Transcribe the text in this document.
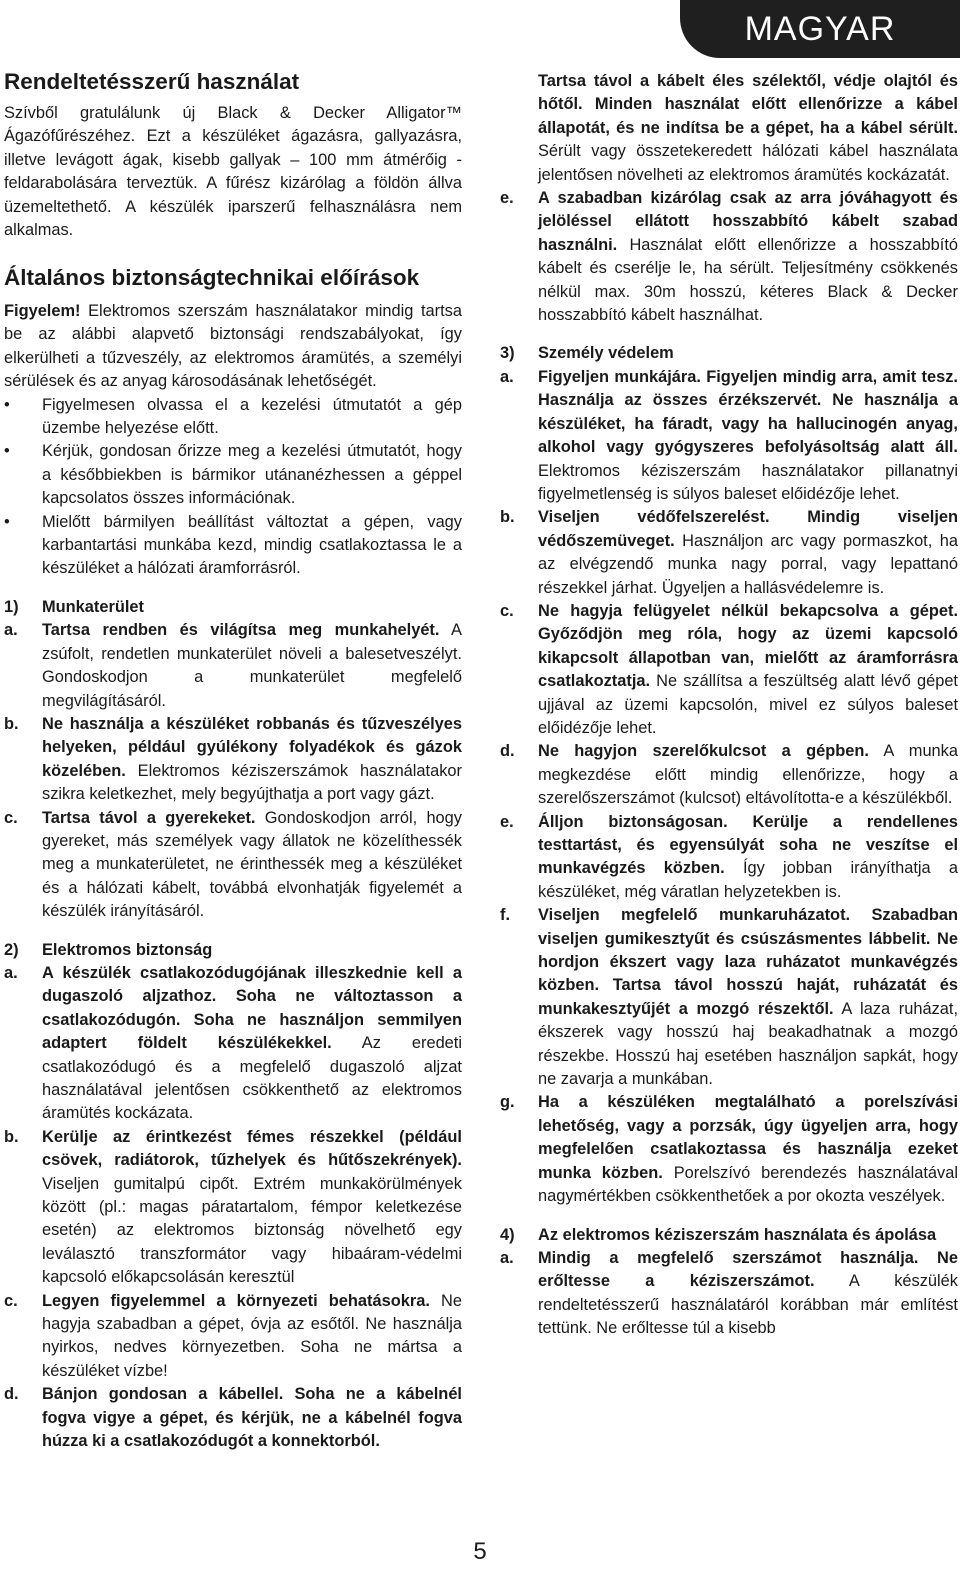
MAGYAR
Rendeltetésszerű használat

Szívből gratulálunk új Black & Decker Alligator™ Ágazófűrészéhez. Ezt a készüléket ágazásra, gallyazásra, illetve levágott ágak, kisebb gallyak – 100 mm átmérőig - feldarabolására terveztük. A fűrész kizárólag a földön állva üzemeltethető. A készülék iparszerű felhasználásra nem alkalmas.

Általános biztonságtechnikai előírások

Figyelem! Elektromos szerszám használatakor mindig tartsa be az alábbi alapvető biztonsági rendszabályokat, így elkerülheti a tűzveszély, az elektromos áramütés, a személyi sérülések és az anyag károsodásának lehetőségét.

•	Figyelmesen olvassa el a kezelési útmutatót a gép üzembe helyezése előtt.
•	Kérjük, gondosan őrizze meg a kezelési útmutatót, hogy a későbbiekben is bármikor utánanézhessen a géppel kapcsolatos összes információnak.
•	Mielőtt bármilyen beállítást változtat a gépen, vagy karbantartási munkába kezd, mindig csatlakoztassa le a készüléket a hálózati áramforrásról.
1)	Munkaterület
a.	Tartsa rendben és világítsa meg munkahelyét. A zsúfolt, rendetlen munkaterület növeli a balesetveszélyt. Gondoskodjon a munkaterület megfelelő megvilágításáról.
b.	Ne használja a készüléket robbanás és tűzveszélyes helyeken, például gyúlékony folyadékok és gázok közelében. Elektromos kéziszerszámok használatakor szikra keletkezhet, mely begyújthatja a port vagy gázt.
c.	Tartsa távol a gyerekeket. Gondoskodjon arról, hogy gyereket, más személyek vagy állatok ne közelíthessék meg a munkaterületet, ne érinthessék meg a készüléket és a hálózati kábelt, továbbá elvonhatják figyelemét a készülék irányításáról.
2)	Elektromos biztonság
a.	A készülék csatlakozódugójának illeszkednie kell a dugaszoló aljzathoz. Soha ne változtasson a csatlakozódugón. Soha ne használjon semmilyen adaptert földelt készülékekkel. Az eredeti csatlakozódugó és a megfelelő dugaszoló aljzat használatával jelentősen csökkenthető az elektromos áramütés kockázata.
b.	Kerülje az érintkezést fémes részekkel (például csövek, radiátorok, tűzhelyek és hűtőszekrények). Viseljen gumitalpú cipőt. Extrém munkakörülmények között (pl.: magas páratartalom, fémpor keletkezése esetén) az elektromos biztonság növelhető egy leválasztó transzformátor vagy hibaáram-védelmi kapcsoló előkapcsolásán keresztül
c.	Legyen figyelemmel a környezeti behatásokra. Ne hagyja szabadban a gépet, óvja az esőtől. Ne használja nyirkos, nedves környezetben. Soha ne mártsa a készüléket vízbe!
d.	Bánjon gondosan a kábellel. Soha ne a kábelnél fogva vigye a gépet, és kérjük, ne a kábelnél fogva húzza ki a csatlakozódugót a konnektorból.
Tartsa távol a kábelt éles szélektől, védje olajtól és hőtől. Minden használat előtt ellenőrizze a kábel állapotát, és ne indítsa be a gépet, ha a kábel sérült. Sérült vagy összetekeredett hálózati kábel használata jelentősen növelheti az elektromos áramütés kockázatát.
e.	A szabadban kizárólag csak az arra jóváhagyott és jelöléssel ellátott hosszabbító kábelt szabad használni. Használat előtt ellenőrizze a hosszabbító kábelt és cserélje le, ha sérült. Teljesítmény csökkenés nélkül max. 30m hosszú, kéteres Black & Decker hosszabbító kábelt használhat.
3)	Személy védelem
a.	Figyeljen munkájára. Figyeljen mindig arra, amit tesz. Használja az összes érzékszervét. Ne használja a készüléket, ha fáradt, vagy ha hallucinogén anyag, alkohol vagy gyógyszeres befolyásoltság alatt áll. Elektromos kéziszerszám használatakor pillanatnyi figyelmetlenség is súlyos baleset előidézője lehet.
b.	Viseljen védőfelszerelést. Mindig viseljen védőszemüveget. Használjon arc vagy pormaszkot, ha az elvégzendő munka nagy porral, vagy lepattanó részekkel járhat. Ügyeljen a hallásvédelemre is.
c.	Ne hagyja felügyelet nélkül bekapcsolva a gépet. Győződjön meg róla, hogy az üzemi kapcsoló kikapcsolt állapotban van, mielőtt az áramforrásra csatlakoztatja. Ne szállítsa a feszültség alatt lévő gépet ujjával az üzemi kapcsolón, mivel ez súlyos baleset előidézője lehet.
d.	Ne hagyjon szerelőkulcsot a gépben. A munka megkezdése előtt mindig ellenőrizze, hogy a szerelőszerszámot (kulcsot) eltávolította-e a készülékből.
e.	Álljon biztonságosan. Kerülje a rendellenes testtartást, és egyensúlyát soha ne veszítse el munkavégzés közben. Így jobban irányíthatja a készüléket, még váratlan helyzetekben is.
f.	Viseljen megfelelő munkaruházatot. Szabadban viseljen gumikesztyűt és csúszásmentes lábbelit. Ne hordjon ékszert vagy laza ruházatot munkavégzés közben. Tartsa távol hosszú haját, ruházatát és munkakesztyűjét a mozgó részektől. A laza ruházat, ékszerek vagy hosszú haj beakadhatnak a mozgó részekbe. Hosszú haj esetében használjon sapkát, hogy ne zavarja a munkában.
g.	Ha a készüléken megtalálható a porelszívási lehetőség, vagy a porzsák, úgy ügyeljen arra, hogy megfelelően csatlakoztassa és használja ezeket munka közben. Porelszívó berendezés használatával nagymértékben csökkenthetőek a por okozta veszélyek.
4)	Az elektromos kéziszerszám használata és ápolása
a.	Mindig a megfelelő szerszámot használja. Ne erőltesse a kéziszerszámot. A készülék rendeltetésszerű használatáról korábban már említést tettünk. Ne erőltesse túl a kisebb
5
